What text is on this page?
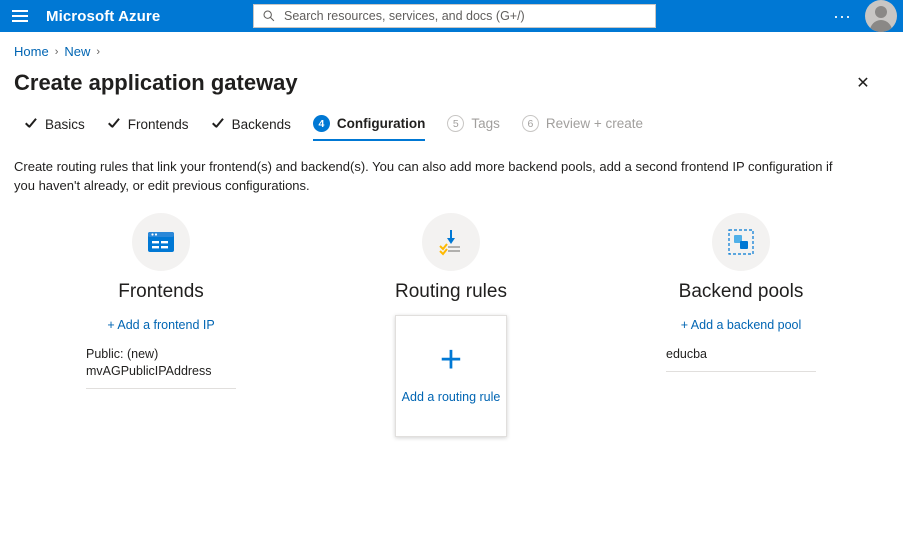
Microsoft Azure
Search resources, services, and docs (G+/)	···
Home › New ›
Create application gateway	✕
Basics	Frontends	Backends	4 Configuration	5 Tags	6 Review + create
Create routing rules that link your frontend(s) and backend(s). You can also add more backend pools, add a second frontend IP configuration if you haven't already, or edit previous configurations.
Frontends
+ Add a frontend IP
Public: (new)
mvAGPublicIPAddress
Routing rules
+
Add a routing rule
Backend pools
+ Add a backend pool
educba
